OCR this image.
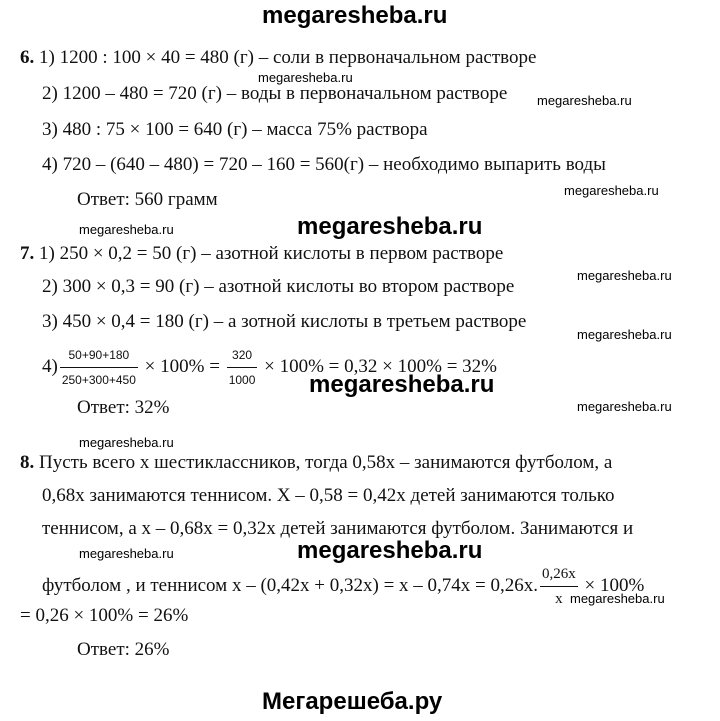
megaresheba.ru
6. 1) 1200 : 100 × 40 = 480 (г) – соли в первоначальном растворе
megaresheba.ru
2) 1200 – 480 = 720 (г) – воды в первоначальном растворе megaresheba.ru
3) 480 : 75 × 100 = 640 (г) – масса 75% раствора
4) 720 – (640 – 480) = 720 – 160 = 560(г) – необходимо выпарить воды
megaresheba.ru
Ответ: 560 грамм
megaresheba.ru	megaresheba.ru
7. 1) 250 × 0,2 = 50 (г) – азотной кислоты в первом растворе
megaresheba.ru
2) 300 × 0,3 = 90 (г) – азотной кислоты во втором растворе
3) 450 × 0,4 = 180 (г) – а зотной кислоты в третьем растворе
megaresheba.ru
$4) \frac{50+90+180}{250+300+450} \times 100\% = \frac{320}{1000} \times 100\% = 0,32 \times 100\% = 32\%$
megaresheba.ru
Ответ: 32%	megaresheba.ru
megaresheba.ru
8. Пусть всего х шестиклассников, тогда 0,58х – занимаются футболом, а
0,68х занимаются теннисом. Х – 0,58 = 0,42х детей занимаются только
теннисом, а х – 0,68х = 0,32х детей занимаются футболом. Занимаются и
megaresheba.ru	megaresheba.ru
футболом , и теннисом х – (0,42х + 0,32х) = х – 0,74х = 0,26х. $\frac{0,26x}{x} \times 100\%$
megaresheba.ru
= 0,26 × 100% = 26%
Ответ: 26%
Мегарешеба.ру
